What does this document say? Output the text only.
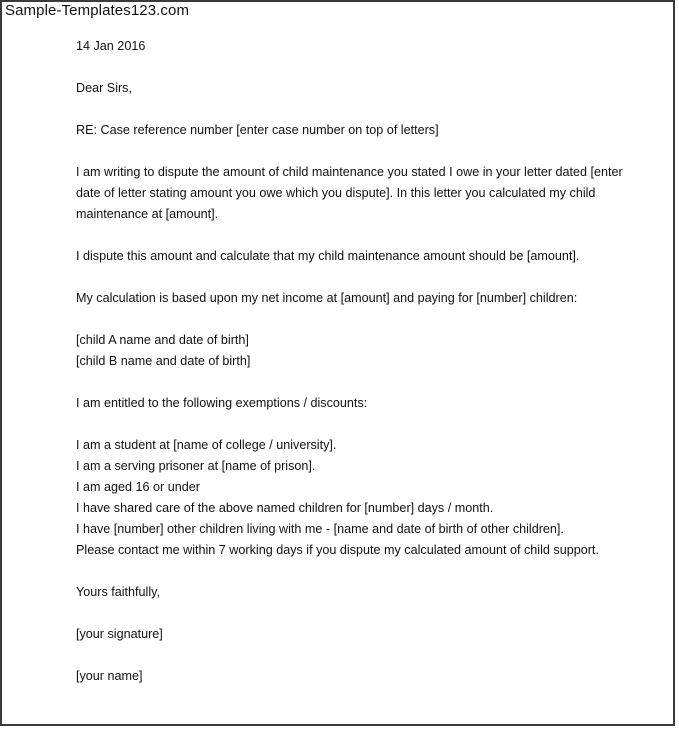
Sample-Templates123.com
14 Jan 2016
Dear Sirs,
RE: Case reference number [enter case number on top of letters]
I am writing to dispute the amount of child maintenance you stated I owe in your letter dated [enter
date of letter stating amount you owe which you dispute]. In this letter you calculated my child
maintenance at [amount].
I dispute this amount and calculate that my child maintenance amount should be [amount].
My calculation is based upon my net income at [amount] and paying for [number] children:
[child A name and date of birth]
[child B name and date of birth]
I am entitled to the following exemptions / discounts:
I am a student at [name of college / university].
I am a serving prisoner at [name of prison].
I am aged 16 or under
I have shared care of the above named children for [number] days / month.
I have [number] other children living with me - [name and date of birth of other children].
Please contact me within 7 working days if you dispute my calculated amount of child support.
Yours faithfully,
[your signature]
[your name]
